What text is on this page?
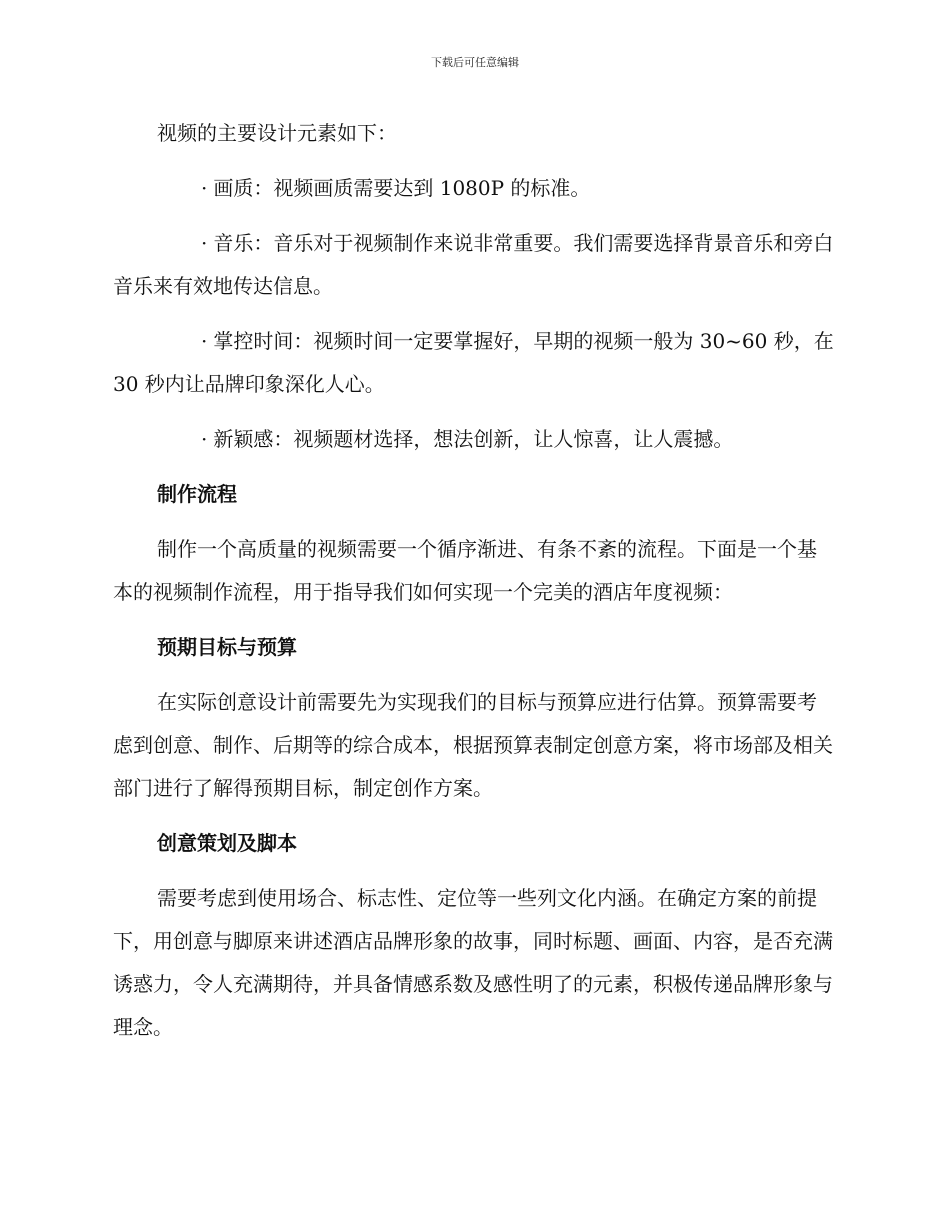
下载后可任意编辑

视频的主要设计元素如下：

· 画质：视频画质需要达到 1080P 的标准。

· 音乐：音乐对于视频制作来说非常重要。我们需要选择背景音乐和旁白音乐来有效地传达信息。

· 掌控时间：视频时间一定要掌握好，早期的视频一般为 30~60 秒，在 30 秒内让品牌印象深化人心。

· 新颖感：视频题材选择，想法创新，让人惊喜，让人震撼。

制作流程

制作一个高质量的视频需要一个循序渐进、有条不紊的流程。下面是一个基本的视频制作流程，用于指导我们如何实现一个完美的酒店年度视频：

预期目标与预算

在实际创意设计前需要先为实现我们的目标与预算应进行估算。预算需要考虑到创意、制作、后期等的综合成本，根据预算表制定创意方案，将市场部及相关部门进行了解得预期目标，制定创作方案。

创意策划及脚本

需要考虑到使用场合、标志性、定位等一些列文化内涵。在确定方案的前提下，用创意与脚原来讲述酒店品牌形象的故事，同时标题、画面、内容，是否充满诱惑力，令人充满期待，并具备情感系数及感性明了的元素，积极传递品牌形象与理念。
